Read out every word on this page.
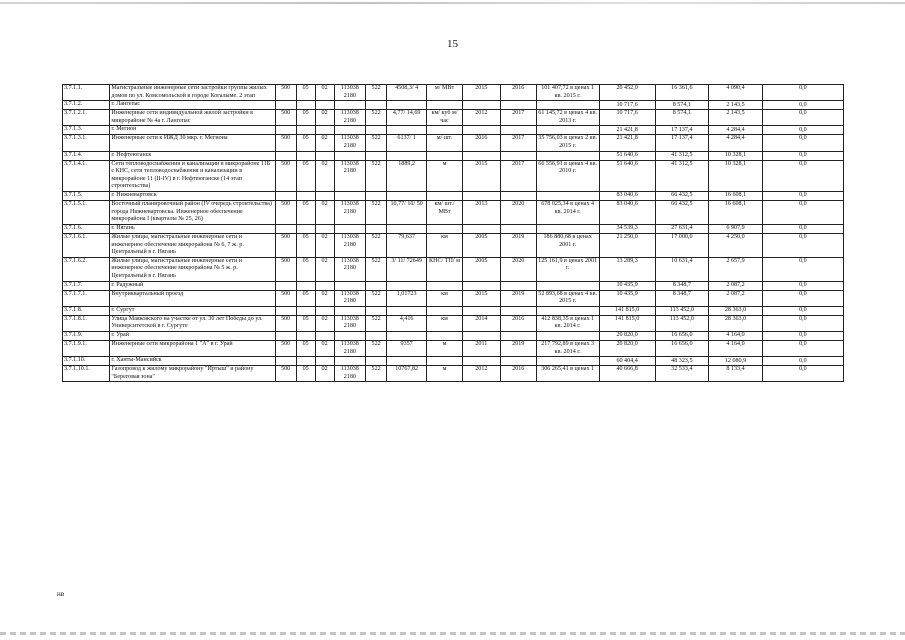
15
3.7.1.1.	Магистральные инженерные сети застройки группы жилых домов по ул. Комсомольской в городе Когалыме. 2 этап	500	05	02	113038 2180	522	4508,3/ 4	м/ МВт	2015	2016	101 407,72 в ценах 1 кв. 2015 г.	20 452,0	16 361,6	4 090,4	0,0
3.7.1.2.	г. Лангепас											10 717,6	8 574,1	2 143,5	0,0
3.7.1.2.1.	Инженерные сети индивидуальной жилой застройки в микрорайоне № 4а г. Лангепас	500	05	02	113038 2180	522	4,77/ 14,69	км/ куб м/ час	2012	2017	61 145,72 в ценах 4 кв. 2013 г.	10 717,6	8 574,1	2 143,5	0,0
3.7.1.3.	г. Мегион											21 421,8	17 137,4	4 284,4	0,0
3.7.1.3.1.	Инженерные сети к ИЖД 30 мкр. г. Мегиона	500	05	02	113038 2180	522	6137/ 1	м/ шт.	2016	2017	35 756,03 в ценах 2 кв. 2015 г.	21 421,8	17 137,4	4 284,4	0,0
3.7.1.4.	г. Нефтеюганск											51 640,6	41 312,5	10 328,1	0,0
3.7.1.4.1.	Сети тепловодоснабжения и канализации в микрорайоне 11Б с КНС, сети тепловодоснабжения и канализации в микрорайоне 11 (II-IV) в г. Нефтеюганске (14 этап строительства)	500	05	02	113038 2180	522	1889,2	м	2015	2017	66 556,91 в ценах 4 кв. 2010 г.	51 640,6	41 312,5	10 328,1	0,0
3.7.1.5.	г. Нижневартовск											83 040,6	66 432,5	16 608,1	0,0
3.7.1.5.1.	Восточный планировочный район (IV очередь строительства) города Нижневартовска. Инженерное обеспечение микрорайона I (кварталы № 25, 26)	500	05	02	113038 2180	522	10,77/ 10/ 50	км/ шт./ МВт	2013	2020	678 025,34 в ценах 4 кв. 2014 г.	83 040,6	66 432,5	16 608,1	0,0
3.7.1.6.	г. Нягань											34 539,3	27 631,4	6 907,9	0,0
3.7.1.6.1.	Жилые улицы, магистральные инженерные сети и инженерное обеспечение микрорайона № 6, 7 ж. р. Центральный в г. Нягань	500	05	02	113038 2180	522	79,637	км	2005	2019	186 880,68 в ценах 2001 г.	21 250,0	17 000,0	4 250,0	0,0
3.7.1.6.2.	Жилые улицы, магистральные инженерные сети и инженерное обеспечение микрорайона № 5 ж. р. Центральный в г. Нягань	500	05	02	113038 2180	522	3/ 11/ 72649	КНС/ ТП/ м	2005	2020	125 161,9 в ценах 2001 г.	13 289,3	10 631,4	2 657,9	0,0
3.7.1.7.	г. Радужный											10 435,9	8 348,7	2 087,2	0,0
3.7.1.7.1.	Внутриквартальный проезд	500	05	02	113038 2180	522	1,01723	км	2015	2019	52 893,68 в ценах 4 кв. 2015 г.	10 435,9	8 348,7	2 087,2	0,0
3.7.1.8.	г. Сургут											141 815,0	113 452,0	28 363,0	0,0
3.7.1.8.1.	Улица Маяковского на участке от ул. 30 лет Победы до ул. Университетской в г. Сургуте	500	05	02	113038 2180	522	4,416	км	2014	2016	412 838,35 в ценах 1 кв. 2014 г.	141 815,0	113 452,0	28 363,0	0,0
3.7.1.9.	г. Урай											20 820,0	16 656,0	4 164,0	0,0
3.7.1.9.1.	Инженерные сети микрорайона 1 "А" в г. Урай	500	05	02	113038 2180	522	9357	м	2011	2019	217 792,89 в ценах 3 кв. 2014 г.	20 820,0	16 656,0	4 164,0	0,0
3.7.1.10.	г. Ханты-Мансийск											60 404,4	48 323,5	12 080,9	0,0
3.7.1.10.1.	Газопровод к жилому микрорайону "Иртыш" и району "Береговая зона"	500	05	02	113038 2180	522	10767,82	м	2012	2016	306 265,41 в ценах 1	40 666,8	32 533,4	8 133,4	0,0
нв
